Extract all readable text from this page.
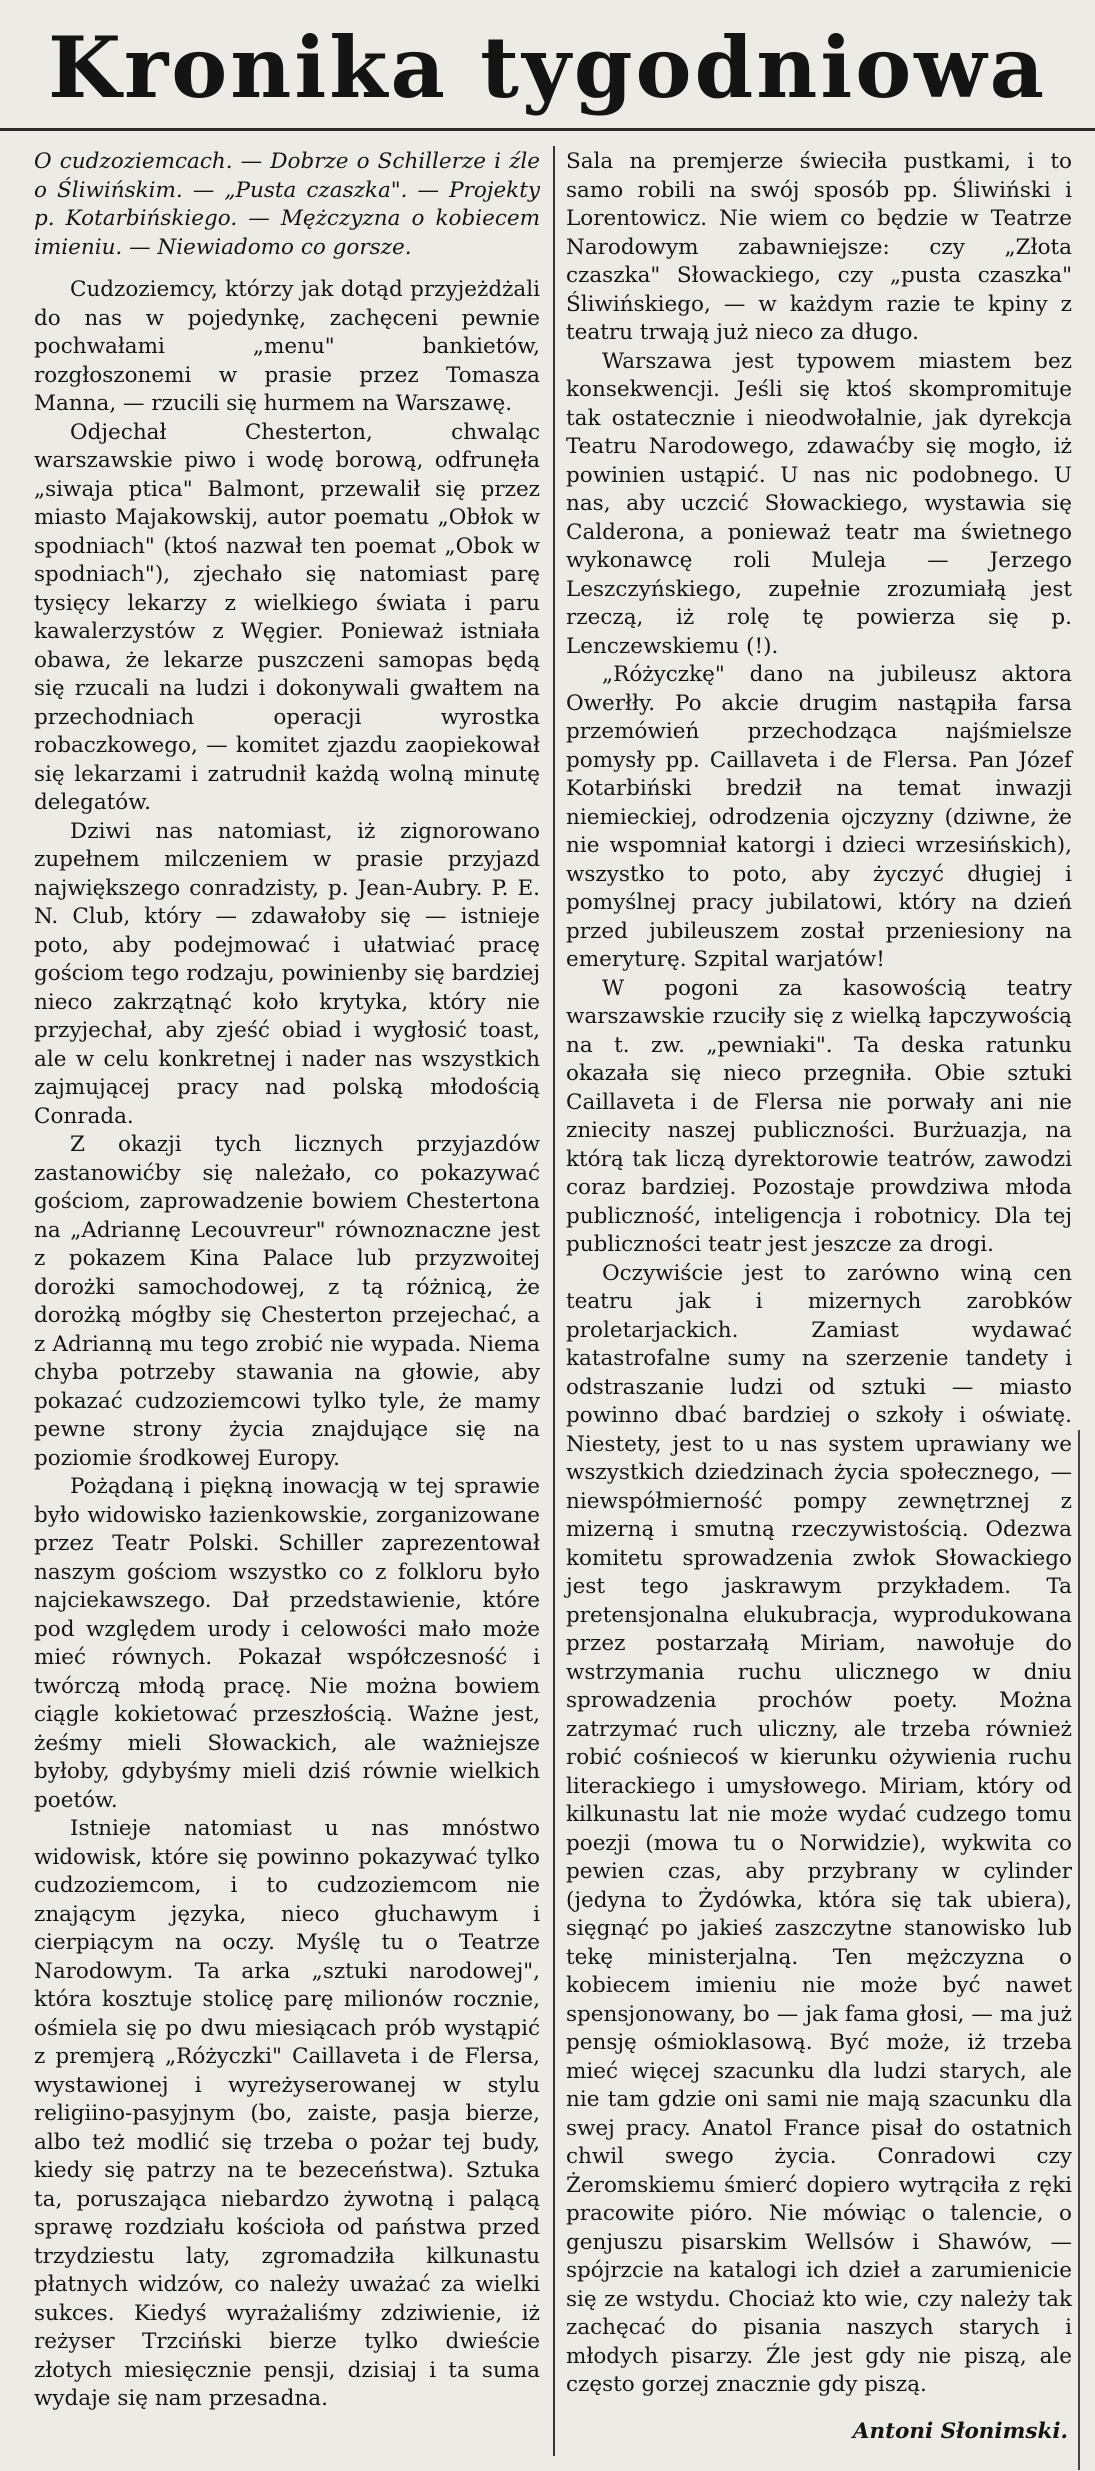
Kronika tygodniowa
O cudzoziemcach. — Dobrze o Schillerze i źle o Śliwińskim. — „Pusta czaszka". — Projekty p. Kotarbińskiego. — Mężczyzna o kobiecem imieniu. — Niewiadomo co gorsze.

Cudzoziemcy, którzy jak dotąd przyjeżdżali do nas w pojedynkę, zachęceni pewnie pochwałami „menu" bankietów, rozgłoszonemi w prasie przez Tomasza Manna, — rzucili się hurmem na Warszawę.

Odjechał Chesterton, chwaląc warszawskie piwo i wodę borową, odfrunęła „siwaja ptica" Balmont, przewalił się przez miasto Majakowskij, autor poematu „Obłok w spodniach" (ktoś nazwał ten poemat „Obok w spodniach"), zjechało się natomiast parę tysięcy lekarzy z wielkiego świata i paru kawalerzystów z Węgier. Ponieważ istniała obawa, że lekarze puszczeni samopas będą się rzucali na ludzi i dokonywali gwałtem na przechodniach operacji wyrostka robaczkowego, — komitet zjazdu zaopiekował się lekarzami i zatrudnił każdą wolną minutę delegatów.

Dziwi nas natomiast, iż zignorowano zupełnem milczeniem w prasie przyjazd największego conradzisty, p. Jean-Aubry. P. E. N. Club, który — zdawałoby się — istnieje poto, aby podejmować i ułatwiać pracę gościom tego rodzaju, powinienby się bardziej nieco zakrzątnąć koło krytyka, który nie przyjechał, aby zjeść obiad i wygłosić toast, ale w celu konkretnej i nader nas wszystkich zajmującej pracy nad polską młodością Conrada.

Z okazji tych licznych przyjazdów zastanowićby się należało, co pokazywać gościom, zaprowadzenie bowiem Chestertona na „Adriannę Lecouvreur" równoznaczne jest z pokazem Kina Palace lub przyzwoitej dorożki samochodowej, z tą różnicą, że dorożką mógłby się Chesterton przejechać, a z Adrianną mu tego zrobić nie wypada. Niema chyba potrzeby stawania na głowie, aby pokazać cudzoziemcowi tylko tyle, że mamy pewne strony życia znajdujące się na poziomie środkowej Europy.

Pożądaną i piękną inowacją w tej sprawie było widowisko łazienkowskie, zorganizowane przez Teatr Polski. Schiller zaprezentował naszym gościom wszystko co z folkloru było najciekawszego. Dał przedstawienie, które pod względem urody i celowości mało może mieć równych. Pokazał współczesność i twórczą młodą pracę. Nie można bowiem ciągle kokietować przeszłością. Ważne jest, żeśmy mieli Słowackich, ale ważniejsze byłoby, gdybyśmy mieli dziś równie wielkich poetów.

Istnieje natomiast u nas mnóstwo widowisk, które się powinno pokazywać tylko cudzoziemcom, i to cudzoziemcom nie znającym języka, nieco głuchawym i cierpiącym na oczy. Myślę tu o Teatrze Narodowym. Ta arka „sztuki narodowej", która kosztuje stolicę parę milionów rocznie, ośmiela się po dwu miesiącach prób wystąpić z premjerą „Różyczki" Caillaveta i de Flersa, wystawionej i wyreżyserowanej w stylu religiino-pasyjnym (bo, zaiste, pasja bierze, albo też modlić się trzeba o pożar tej budy, kiedy się patrzy na te bezeceństwa). Sztuka ta, poruszająca niebardzo żywotną i palącą sprawę rozdziału kościoła od państwa przed trzydziestu laty, zgromadziła kilkunastu płatnych widzów, co należy uważać za wielki sukces. Kiedyś wyrażaliśmy zdziwienie, iż reżyser Trzciński bierze tylko dwieście złotych miesięcznie pensji, dzisiaj i ta suma wydaje się nam przesadna.

Sala na premjerze świeciła pustkami, i to samo robili na swój sposób pp. Śliwiński i Lorentowicz. Nie wiem co będzie w Teatrze Narodowym zabawniejsze: czy „Złota czaszka" Słowackiego, czy „pusta czaszka" Śliwińskiego, — w każdym razie te kpiny z teatru trwają już nieco za długo.

Warszawa jest typowem miastem bez konsekwencji. Jeśli się ktoś skompromituje tak ostatecznie i nieodwołalnie, jak dyrekcja Teatru Narodowego, zdawaćby się mogło, iż powinien ustąpić. U nas nic podobnego. U nas, aby uczcić Słowackiego, wystawia się Calderona, a ponieważ teatr ma świetnego wykonawcę roli Muleja — Jerzego Leszczyńskiego, zupełnie zrozumiałą jest rzeczą, iż rolę tę powierza się p. Lenczewskiemu (!).

„Różyczkę" dano na jubileusz aktora Owerłły. Po akcie drugim nastąpiła farsa przemówień przechodząca najśmielsze pomysły pp. Caillaveta i de Flersa. Pan Józef Kotarbiński bredził na temat inwazji niemieckiej, odrodzenia ojczyzny (dziwne, że nie wspomniał katorgi i dzieci wrzesińskich), wszystko to poto, aby życzyć długiej i pomyślnej pracy jubilatowi, który na dzień przed jubileuszem został przeniesiony na emeryturę. Szpital warjatów!

W pogoni za kasowością teatry warszawskie rzuciły się z wielką łapczywością na t. zw. „pewniaki". Ta deska ratunku okazała się nieco przegniła. Obie sztuki Caillaveta i de Flersa nie porwały ani nie zniecity naszej publiczności. Burżuazja, na którą tak liczą dyrektorowie teatrów, zawodzi coraz bardziej. Pozostaje prowdziwa młoda publiczność, inteligencja i robotnicy. Dla tej publiczności teatr jest jeszcze za drogi.

Oczywiście jest to zarówno winą cen teatru jak i mizernych zarobków proletarjackich. Zamiast wydawać katastrofalne sumy na szerzenie tandety i odstraszanie ludzi od sztuki — miasto powinno dbać bardziej o szkoły i oświatę. Niestety, jest to u nas system uprawiany we wszystkich dziedzinach życia społecznego, — niewspółmierność pompy zewnętrznej z mizerną i smutną rzeczywistością. Odezwa komitetu sprowadzenia zwłok Słowackiego jest tego jaskrawym przykładem. Ta pretensjonalna elukubracja, wyprodukowana przez postarzałą Miriam, nawołuje do wstrzymania ruchu ulicznego w dniu sprowadzenia prochów poety. Można zatrzymać ruch uliczny, ale trzeba również robić cośniecoś w kierunku ożywienia ruchu literackiego i umysłowego. Miriam, który od kilkunastu lat nie może wydać cudzego tomu poezji (mowa tu o Norwidzie), wykwita co pewien czas, aby przybrany w cylinder (jedyna to Żydówka, która się tak ubiera), sięgnąć po jakieś zaszczytne stanowisko lub tekę ministerjalną. Ten mężczyzna o kobiecem imieniu nie może być nawet spensjonowany, bo — jak fama głosi, — ma już pensję ośmioklasową. Być może, iż trzeba mieć więcej szacunku dla ludzi starych, ale nie tam gdzie oni sami nie mają szacunku dla swej pracy. Anatol France pisał do ostatnich chwil swego życia. Conradowi czy Żeromskiemu śmierć dopiero wytrąciła z ręki pracowite pióro. Nie mówiąc o talencie, o genjuszu pisarskim Wellsów i Shawów, — spójrzcie na katalogi ich dzieł a zarumienicie się ze wstydu. Chociaż kto wie, czy należy tak zachęcać do pisania naszych starych i młodych pisarzy. Źle jest gdy nie piszą, ale często gorzej znacznie gdy piszą.

Antoni Słonimski.
